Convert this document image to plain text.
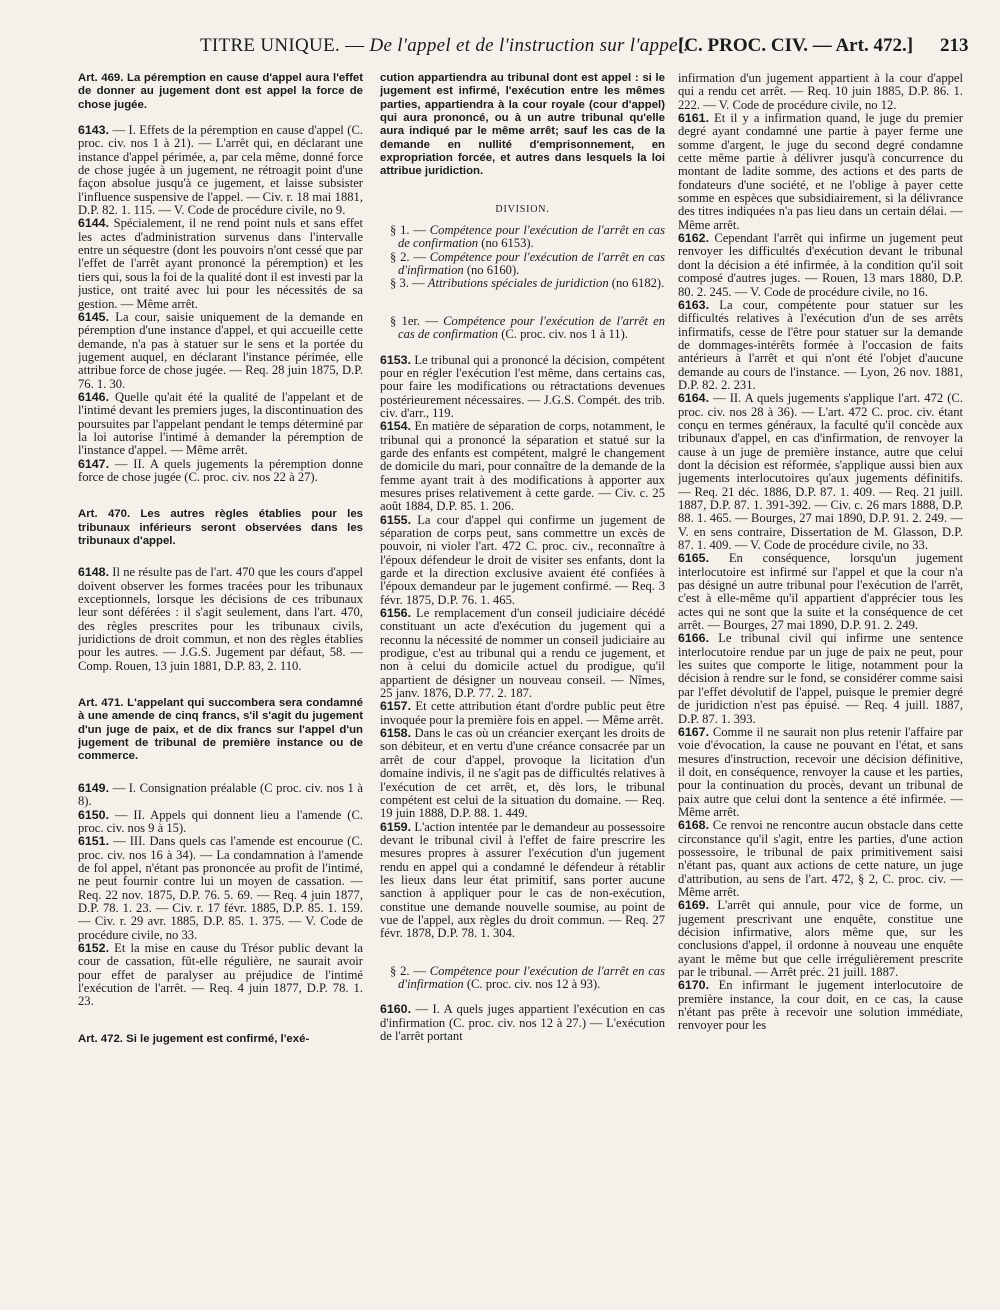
TITRE UNIQUE. — De l'appel et de l'instruction sur l'appel.
[C. PROC. CIV. — Art. 472.] 213

Art. 469. La péremption en cause d'appel aura l'effet de donner au jugement dont est appel la force de chose jugée.

6143. — I. Effets de la péremption en cause d'appel (C. proc. civ. nos 1 à 21). — L'arrêt qui, en déclarant une instance d'appel périmée, a, par cela même, donné force de chose jugée à un jugement, ne rétroagit point d'une façon absolue jusqu'à ce jugement, et laisse subsister l'influence suspensive de l'appel. — Civ. r. 18 mai 1881, D.P. 82. 1. 115. — V. Code de procédure civile, no 9.

6144. Spécialement, il ne rend point nuls et sans effet les actes d'administration survenus dans l'intervalle entre un séquestre (dont les pouvoirs n'ont cessé que par l'effet de l'arrêt ayant prononcé la péremption) et les tiers qui, sous la foi de la qualité dont il est investi par la justice, ont traité avec lui pour les nécessités de sa gestion. — Même arrêt.

6145. La cour, saisie uniquement de la demande en péremption d'une instance d'appel, et qui accueille cette demande, n'a pas à statuer sur le sens et la portée du jugement auquel, en déclarant l'instance périmée, elle attribue force de chose jugée. — Req. 28 juin 1875, D.P. 76. 1. 30.

6146. Quelle qu'ait été la qualité de l'appelant et de l'intimé devant les premiers juges, la discontinuation des poursuites par l'appelant pendant le temps déterminé par la loi autorise l'intimé à demander la péremption de l'instance d'appel. — Même arrêt.

6147. — II. A quels jugements la péremption donne force de chose jugée (C. proc. civ. nos 22 à 27).

Art. 470. Les autres règles établies pour les tribunaux inférieurs seront observées dans les tribunaux d'appel.

6148. Il ne résulte pas de l'art. 470 que les cours d'appel doivent observer les formes tracées pour les tribunaux exceptionnels, lorsque les décisions de ces tribunaux leur sont déférées : il s'agit seulement, dans l'art. 470, des règles prescrites pour les tribunaux civils, juridictions de droit commun, et non des règles établies pour les autres. — J.G.S. Jugement par défaut, 58. — Comp. Rouen, 13 juin 1881, D.P. 83, 2. 110.

Art. 471. L'appelant qui succombera sera condamné à une amende de cinq francs, s'il s'agit du jugement d'un juge de paix, et de dix francs sur l'appel d'un jugement de tribunal de première instance ou de commerce.

6149. — I. Consignation préalable (C proc. civ. nos 1 à 8).

6150. — II. Appels qui donnent lieu a l'amende (C. proc. civ. nos 9 à 15).

6151. — III. Dans quels cas l'amende est encourue (C. proc. civ. nos 16 à 34). — La condamnation à l'amende de fol appel, n'étant pas prononcée au profit de l'intimé, ne peut fournir contre lui un moyen de cassation. — Req. 22 nov. 1875, D.P. 76. 5. 69. — Req. 4 juin 1877, D.P. 78. 1. 23. — Civ. r. 17 févr. 1885, D.P. 85. 1. 159. — Civ. r. 29 avr. 1885, D.P. 85. 1. 375. — V. Code de procédure civile, no 33.

6152. Et la mise en cause du Trésor public devant la cour de cassation, fût-elle régulière, ne saurait avoir pour effet de paralyser au préjudice de l'intimé l'exécution de l'arrêt. — Req. 4 juin 1877, D.P. 78. 1. 23.

Art. 472. Si le jugement est confirmé, l'exé-

cution appartiendra au tribunal dont est appel : si le jugement est infirmé, l'exécution entre les mêmes parties, appartiendra à la cour royale (cour d'appel) qui aura prononcé, ou à un autre tribunal qu'elle aura indiqué par le même arrêt; sauf les cas de la demande en nullité d'emprisonnement, en expropriation forcée, et autres dans lesquels la loi attribue juridiction.

DIVISION.

§ 1. — Compétence pour l'exécution de l'arrêt en cas de confirmation (no 6153).

§ 2. — Compétence pour l'exécution de l'arrêt en cas d'infirmation (no 6160).

§ 3. — Attributions spéciales de juridiction (no 6182).

§ 1er. — Compétence pour l'exécution de l'arrêt en cas de confirmation (C. proc. civ. nos 1 à 11).

6153. Le tribunal qui a prononcé la décision, compétent pour en régler l'exécution l'est même, dans certains cas, pour faire les modifications ou rétractations devenues postérieurement nécessaires. — J.G.S. Compét. des trib. civ. d'arr., 119.

6154. En matière de séparation de corps, notamment, le tribunal qui a prononcé la séparation et statué sur la garde des enfants est compétent, malgré le changement de domicile du mari, pour connaître de la demande de la femme ayant trait à des modifications à apporter aux mesures prises relativement à cette garde. — Civ. c. 25 août 1884, D.P. 85. 1. 206.

6155. La cour d'appel qui confirme un jugement de séparation de corps peut, sans commettre un excès de pouvoir, ni violer l'art. 472 C. proc. civ., reconnaître à l'époux défendeur le droit de visiter ses enfants, dont la garde et la direction exclusive avaient été confiées à l'époux demandeur par le jugement confirmé. — Req. 3 févr. 1875, D.P. 76. 1. 465.

6156. Le remplacement d'un conseil judiciaire décédé constituant un acte d'exécution du jugement qui a reconnu la nécessité de nommer un conseil judiciaire au prodigue, c'est au tribunal qui a rendu ce jugement, et non à celui du domicile actuel du prodigue, qu'il appartient de désigner un nouveau conseil. — Nîmes, 25 janv. 1876, D.P. 77. 2. 187.

6157. Et cette attribution étant d'ordre public peut être invoquée pour la première fois en appel. — Même arrêt.

6158. Dans le cas où un créancier exerçant les droits de son débiteur, et en vertu d'une créance consacrée par un arrêt de cour d'appel, provoque la licitation d'un domaine indivis, il ne s'agit pas de difficultés relatives à l'exécution de cet arrêt, et, dès lors, le tribunal compétent est celui de la situation du domaine. — Req. 19 juin 1888, D.P. 88. 1. 449.

6159. L'action intentée par le demandeur au possessoire devant le tribunal civil à l'effet de faire prescrire les mesures propres à assurer l'exécution d'un jugement rendu en appel qui a condamné le défendeur à rétablir les lieux dans leur état primitif, sans porter aucune sanction à appliquer pour le cas de non-exécution, constitue une demande nouvelle soumise, au point de vue de l'appel, aux règles du droit commun. — Req. 27 févr. 1878, D.P. 78. 1. 304.

§ 2. — Compétence pour l'exécution de l'arrêt en cas d'infirmation (C. proc. civ. nos 12 à 93).

6160. — I. A quels juges appartient l'exécution en cas d'infirmation (C. proc. civ. nos 12 à 27.) — L'exécution de l'arrêt portant

infirmation d'un jugement appartient à la cour d'appel qui a rendu cet arrêt. — Req. 10 juin 1885, D.P. 86. 1. 222. — V. Code de procédure civile, no 12.

6161. Et il y a infirmation quand, le juge du premier degré ayant condamné une partie à payer ferme une somme d'argent, le juge du second degré condamne cette même partie à délivrer jusqu'à concurrence du montant de ladite somme, des actions et des parts de fondateurs d'une société, et ne l'oblige à payer cette somme en espèces que subsidiairement, si la délivrance des titres indiquées n'a pas lieu dans un certain délai. — Même arrêt.

6162. Cependant l'arrêt qui infirme un jugement peut renvoyer les difficultés d'exécution devant le tribunal dont la décision a été infirmée, à la condition qu'il soit composé d'autres juges. — Rouen, 13 mars 1880, D.P. 80. 2. 245. — V. Code de procédure civile, no 16.

6163. La cour, compétente pour statuer sur les difficultés relatives à l'exécution d'un de ses arrêts infirmatifs, cesse de l'être pour statuer sur la demande de dommages-intérêts formée à l'occasion de faits antérieurs à l'arrêt et qui n'ont été l'objet d'aucune demande au cours de l'instance. — Lyon, 26 nov. 1881, D.P. 82. 2. 231.

6164. — II. A quels jugements s'applique l'art. 472 (C. proc. civ. nos 28 à 36). — L'art. 472 C. proc. civ. étant conçu en termes généraux, la faculté qu'il concède aux tribunaux d'appel, en cas d'infirmation, de renvoyer la cause à un juge de première instance, autre que celui dont la décision est réformée, s'applique aussi bien aux jugements interlocutoires qu'aux jugements définitifs. — Req. 21 déc. 1886, D.P. 87. 1. 409. — Req. 21 juill. 1887, D.P. 87. 1. 391-392. — Civ. c. 26 mars 1888, D.P. 88. 1. 465. — Bourges, 27 mai 1890, D.P. 91. 2. 249. — V. en sens contraire, Dissertation de M. Glasson, D.P. 87. 1. 409. — V. Code de procédure civile, no 33.

6165. En conséquence, lorsqu'un jugement interlocutoire est infirmé sur l'appel et que la cour n'a pas désigné un autre tribunal pour l'exécution de l'arrêt, c'est à elle-même qu'il appartient d'apprécier tous les actes qui ne sont que la suite et la conséquence de cet arrêt. — Bourges, 27 mai 1890, D.P. 91. 2. 249.

6166. Le tribunal civil qui infirme une sentence interlocutoire rendue par un juge de paix ne peut, pour les suites que comporte le litige, notamment pour la décision à rendre sur le fond, se considérer comme saisi par l'effet dévolutif de l'appel, puisque le premier degré de juridiction n'est pas épuisé. — Req. 4 juill. 1887, D.P. 87. 1. 393.

6167. Comme il ne saurait non plus retenir l'affaire par voie d'évocation, la cause ne pouvant en l'état, et sans mesures d'instruction, recevoir une décision définitive, il doit, en conséquence, renvoyer la cause et les parties, pour la continuation du procès, devant un tribunal de paix autre que celui dont la sentence a été infirmée. — Même arrêt.

6168. Ce renvoi ne rencontre aucun obstacle dans cette circonstance qu'il s'agit, entre les parties, d'une action possessoire, le tribunal de paix primitivement saisi n'étant pas, quant aux actions de cette nature, un juge d'attribution, au sens de l'art. 472, § 2, C. proc. civ. — Même arrêt.

6169. L'arrêt qui annule, pour vice de forme, un jugement prescrivant une enquête, constitue une décision infirmative, alors même que, sur les conclusions d'appel, il ordonne à nouveau une enquête ayant le même but que celle irrégulièrement prescrite par le tribunal. — Arrêt préc. 21 juill. 1887.

6170. En infirmant le jugement interlocutoire de première instance, la cour doit, en ce cas, la cause n'étant pas prête à recevoir une solution immédiate, renvoyer pour les
